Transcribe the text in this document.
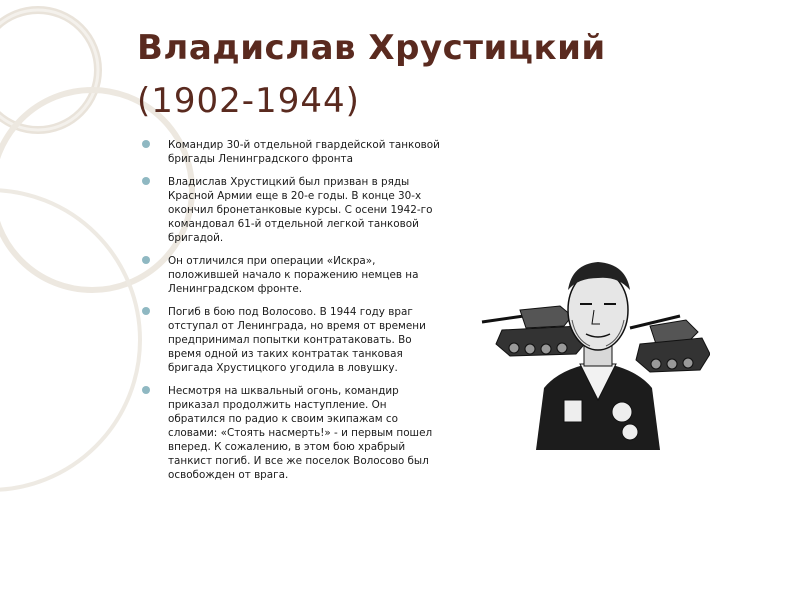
Владислав Хрустицкий
(1902-1944)
Командир 30-й отдельной гвардейской танковой бригады Ленинградского фронта
Владислав Хрустицкий был призван в ряды Красной Армии еще в 20-е годы. В конце 30-х окончил бронетанковые курсы. С осени 1942-го командовал 61-й отдельной легкой танковой бригадой.
Он отличился при операции «Искра», положившей начало к поражению немцев на Ленинградском фронте.
Погиб в бою под Волосово. В 1944 году враг отступал от Ленинграда, но время от времени предпринимал попытки контратаковать. Во время одной из таких контратак танковая бригада Хрустицкого угодила в ловушку.
Несмотря на шквальный огонь, командир приказал продолжить наступление. Он обратился по радио к своим экипажам со словами: «Стоять насмерть!» - и первым пошел вперед. К сожалению, в этом бою храбрый танкист погиб. И все же поселок Волосово был освобожден от врага.
